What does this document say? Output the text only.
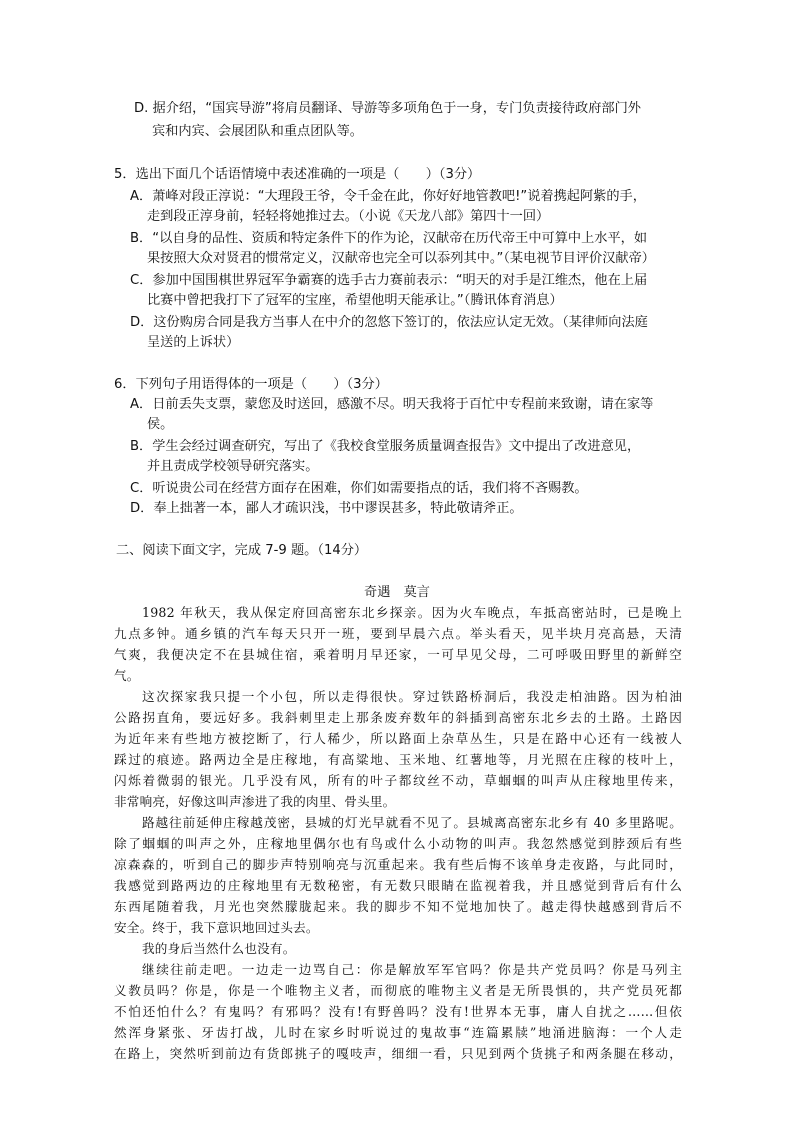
D. 据介绍，“国宾导游”将肩员翻译、导游等多项角色于一身，专门负责接待政府部门外
宾和内宾、会展团队和重点团队等。
5．选出下面几个话语情境中表述准确的一项是（　　）（3分）
A．萧峰对段正淳说：“大理段王爷，令千金在此，你好好地管教吧!”说着携起阿紫的手，
走到段正淳身前，轻轻将她推过去。（小说《天龙八部》第四十一回）
B．“以自身的品性、资质和特定条件下的作为论，汉献帝在历代帝王中可算中上水平，如
果按照大众对贤君的惯常定义，汉献帝也完全可以忝列其中。”（某电视节目评价汉献帝）
C．参加中国围棋世界冠军争霸赛的选手古力赛前表示：“明天的对手是江维杰，他在上届
比赛中曾把我打下了冠军的宝座，希望他明天能承让。”（腾讯体育消息）
D．这份购房合同是我方当事人在中介的忽悠下签订的，依法应认定无效。（某律师向法庭
呈送的上诉状）
6．下列句子用语得体的一项是（　　）（3分）
A．日前丢失支票，蒙您及时送回，感激不尽。明天我将于百忙中专程前来致谢，请在家等
侯。
B．学生会经过调查研究，写出了《我校食堂服务质量调查报告》文中提出了改进意见，
并且责成学校领导研究落实。
C．听说贵公司在经营方面存在困难，你们如需要指点的话，我们将不吝赐教。
D．奉上拙著一本，鄙人才疏识浅，书中谬误甚多，特此敬请斧正。
二、阅读下面文字，完成 7-9 题。（14分）
奇遇　莫言
1982 年秋天，我从保定府回高密东北乡探亲。因为火车晚点，车抵高密站时，已是晚上
九点多钟。通乡镇的汽车每天只开一班，要到早晨六点。举头看天，见半块月亮高悬，天清
气爽，我便决定不在县城住宿，乘着明月早还家，一可早见父母，二可呼吸田野里的新鲜空
气。
这次探家我只提一个小包，所以走得很快。穿过铁路桥洞后，我没走柏油路。因为柏油
公路拐直角，要远好多。我斜刺里走上那条废弃数年的斜插到高密东北乡去的土路。土路因
为近年来有些地方被挖断了，行人稀少，所以路面上杂草丛生，只是在路中心还有一线被人
踩过的痕迹。路两边全是庄稼地，有高粱地、玉米地、红薯地等，月光照在庄稼的枝叶上，
闪烁着微弱的银光。几乎没有风，所有的叶子都纹丝不动，草蝈蝈的叫声从庄稼地里传来，
非常响亮，好像这叫声渗进了我的肉里、骨头里。
路越往前延伸庄稼越茂密，县城的灯光早就看不见了。县城离高密东北乡有 40 多里路呢。
除了蝈蝈的叫声之外，庄稼地里偶尔也有鸟或什么小动物的叫声。我忽然感觉到脖颈后有些
凉森森的，听到自己的脚步声特别响亮与沉重起来。我有些后悔不该单身走夜路，与此同时，
我感觉到路两边的庄稼地里有无数秘密，有无数只眼睛在监视着我，并且感觉到背后有什么
东西尾随着我，月光也突然朦胧起来。我的脚步不知不觉地加快了。越走得快越感到背后不
安全。终于，我下意识地回过头去。
我的身后当然什么也没有。
继续往前走吧。一边走一边骂自己：你是解放军军官吗？你是共产党员吗？你是马列主
义教员吗？你是，你是一个唯物主义者，而彻底的唯物主义者是无所畏惧的，共产党员死都
不怕还怕什么？有鬼吗？有邪吗？没有!有野兽吗？没有!世界本无事，庸人自扰之……但依
然浑身紧张、牙齿打战，儿时在家乡时听说过的鬼故事“连篇累牍”地涌进脑海：一个人走
在路上，突然听到前边有货郎挑子的嘎吱声，细细一看，只见到两个货挑子和两条腿在移动，
